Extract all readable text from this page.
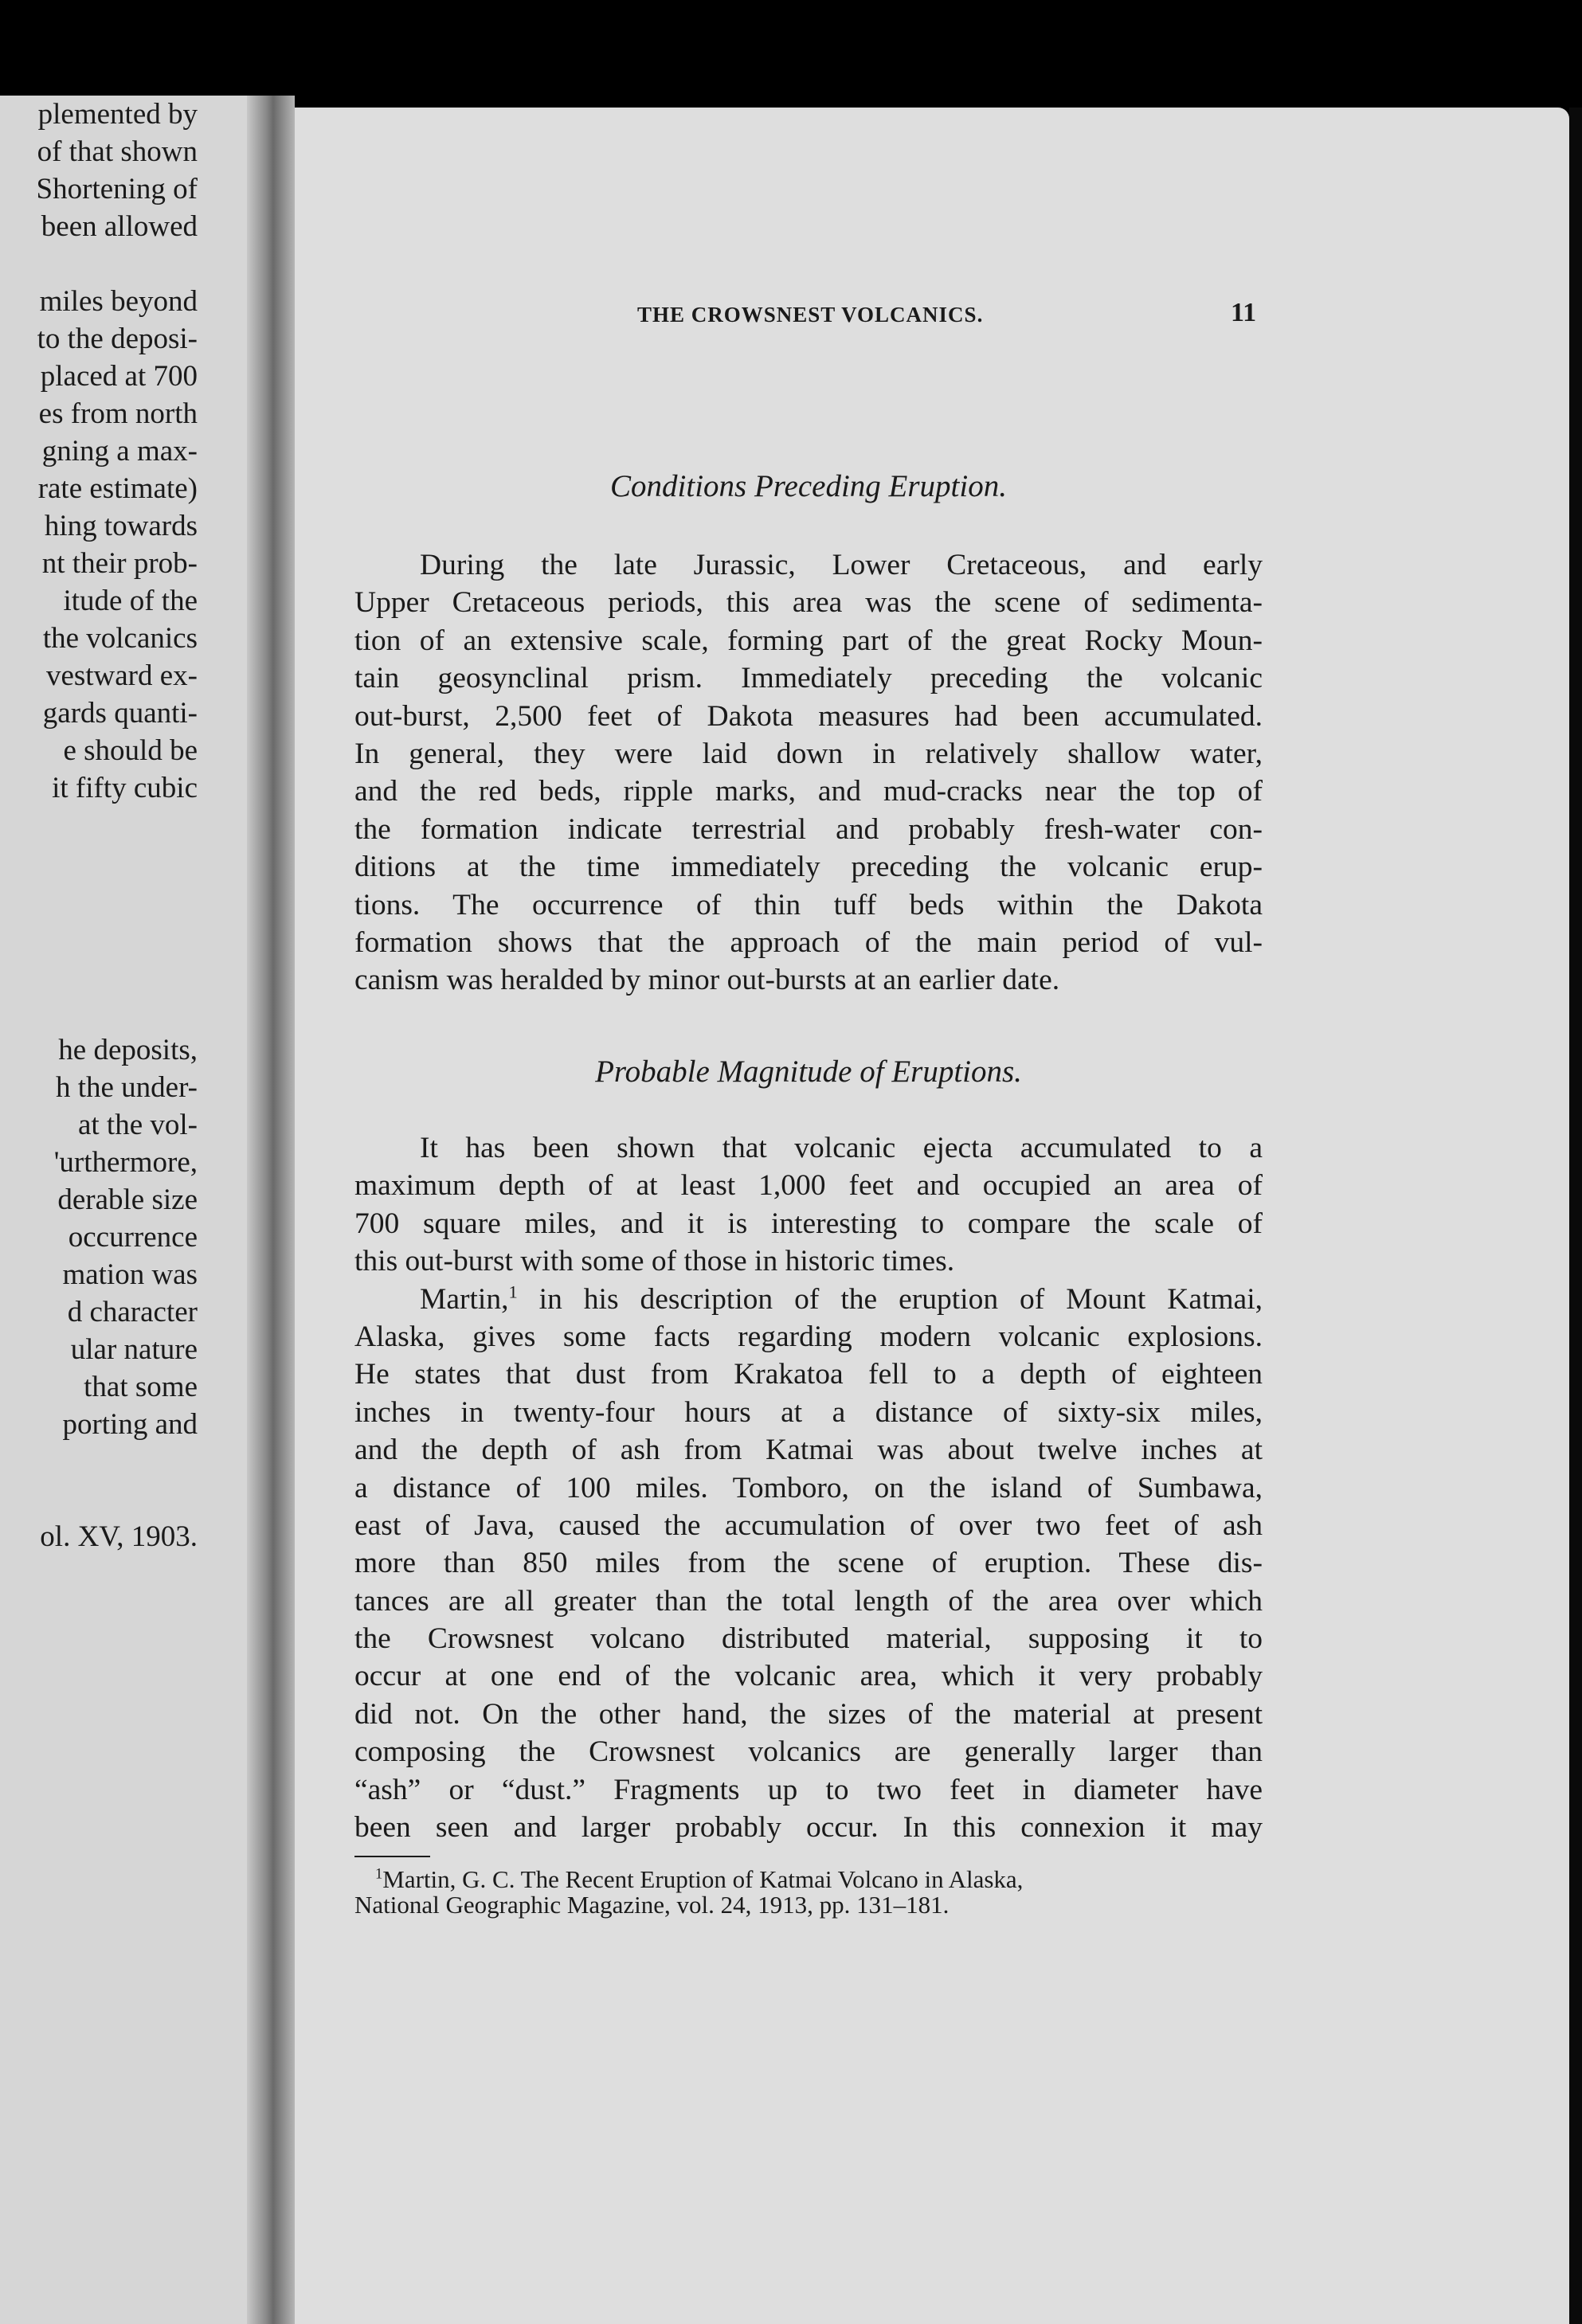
plemented by
of that shown
Shortening of
been allowed
miles beyond
to the deposi-
placed at 700
es from north
gning a max-
rate estimate)
hing towards
nt their prob-
itude of the
the volcanics
vestward ex-
gards quanti-
e should be
it fifty cubic
he deposits,
h the under-
at the vol-
'urthermore,
derable size
occurrence
mation was
d character
ular nature
that some
porting and
ol. XV, 1903.
THE CROWSNEST VOLCANICS.	11
Conditions Preceding Eruption.
During the late Jurassic, Lower Cretaceous, and early
Upper Cretaceous periods, this area was the scene of sedimenta-
tion of an extensive scale, forming part of the great Rocky Moun-
tain geosynclinal prism. Immediately preceding the volcanic
out-burst, 2,500 feet of Dakota measures had been accumulated.
In general, they were laid down in relatively shallow water,
and the red beds, ripple marks, and mud-cracks near the top of
the formation indicate terrestrial and probably fresh-water con-
ditions at the time immediately preceding the volcanic erup-
tions. The occurrence of thin tuff beds within the Dakota
formation shows that the approach of the main period of vul-
canism was heralded by minor out-bursts at an earlier date.
Probable Magnitude of Eruptions.
It has been shown that volcanic ejecta accumulated to a
maximum depth of at least 1,000 feet and occupied an area of
700 square miles, and it is interesting to compare the scale of
this out-burst with some of those in historic times.
Martin,$^1$ in his description of the eruption of Mount Katmai,
Alaska, gives some facts regarding modern volcanic explosions.
He states that dust from Krakatoa fell to a depth of eighteen
inches in twenty-four hours at a distance of sixty-six miles,
and the depth of ash from Katmai was about twelve inches at
a distance of 100 miles. Tomboro, on the island of Sumbawa,
east of Java, caused the accumulation of over two feet of ash
more than 850 miles from the scene of eruption. These dis-
tances are all greater than the total length of the area over which
the Crowsnest volcano distributed material, supposing it to
occur at one end of the volcanic area, which it very probably
did not. On the other hand, the sizes of the material at present
composing the Crowsnest volcanics are generally larger than
“ash” or “dust.” Fragments up to two feet in diameter have
been seen and larger probably occur. In this connexion it may
$^1$Martin, G. C. The Recent Eruption of Katmai Volcano in Alaska,
National Geographic Magazine, vol. 24, 1913, pp. 131–181.
